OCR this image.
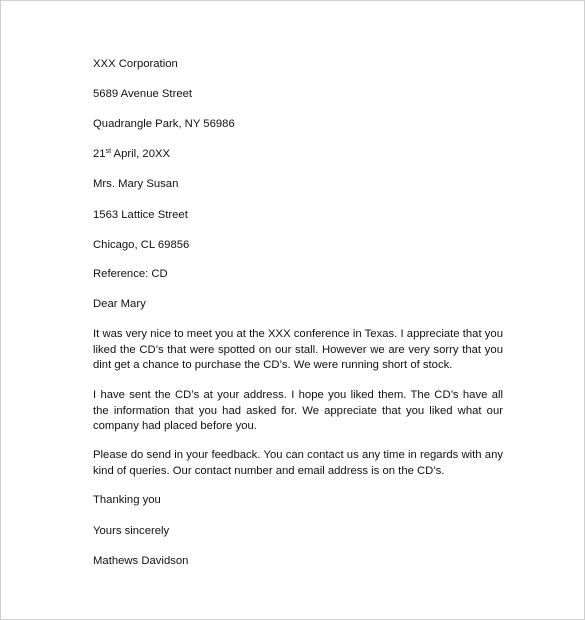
XXX Corporation
5689 Avenue Street
Quadrangle Park, NY 56986
21st April, 20XX
Mrs. Mary Susan
1563 Lattice Street
Chicago, CL 69856
Reference: CD
Dear Mary

It was very nice to meet you at the XXX conference in Texas. I appreciate that you liked the CD’s that were spotted on our stall. However we are very sorry that you dint get a chance to purchase the CD’s. We were running short of stock.

I have sent the CD’s at your address. I hope you liked them. The CD’s have all the information that you had asked for. We appreciate that you liked what our company had placed before you.

Please do send in your feedback. You can contact us any time in regards with any kind of queries. Our contact number and email address is on the CD’s.

Thanking you
Yours sincerely
Mathews Davidson
